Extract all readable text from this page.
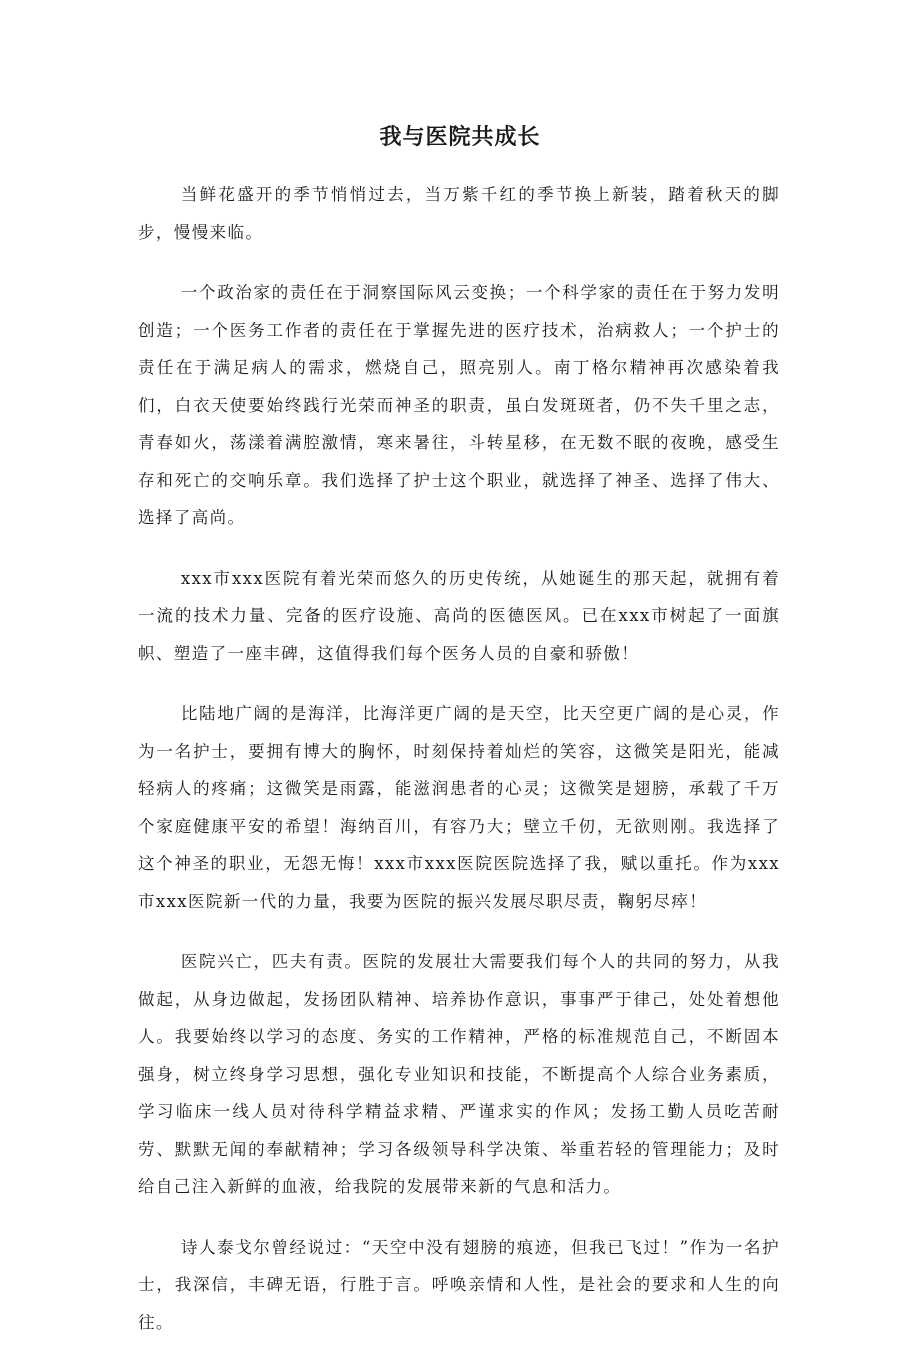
我与医院共成长

当鲜花盛开的季节悄悄过去，当万紫千红的季节换上新装，踏着秋天的脚步，慢慢来临。

一个政治家的责任在于洞察国际风云变换；一个科学家的责任在于努力发明创造；一个医务工作者的责任在于掌握先进的医疗技术，治病救人；一个护士的责任在于满足病人的需求，燃烧自己，照亮别人。南丁格尔精神再次感染着我们，白衣天使要始终践行光荣而神圣的职责，虽白发斑斑者，仍不失千里之志，青春如火，荡漾着满腔激情，寒来暑往，斗转星移，在无数不眠的夜晚，感受生存和死亡的交响乐章。我们选择了护士这个职业，就选择了神圣、选择了伟大、选择了高尚。

xxx市xxx医院有着光荣而悠久的历史传统，从她诞生的那天起，就拥有着一流的技术力量、完备的医疗设施、高尚的医德医风。已在xxx市树起了一面旗帜、塑造了一座丰碑，这值得我们每个医务人员的自豪和骄傲！

比陆地广阔的是海洋，比海洋更广阔的是天空，比天空更广阔的是心灵，作为一名护士，要拥有博大的胸怀，时刻保持着灿烂的笑容，这微笑是阳光，能减轻病人的疼痛；这微笑是雨露，能滋润患者的心灵；这微笑是翅膀，承载了千万个家庭健康平安的希望！海纳百川，有容乃大；壁立千仞，无欲则刚。我选择了这个神圣的职业，无怨无悔！xxx市xxx医院医院选择了我，赋以重托。作为xxx市xxx医院新一代的力量，我要为医院的振兴发展尽职尽责，鞠躬尽瘁！

医院兴亡，匹夫有责。医院的发展壮大需要我们每个人的共同的努力，从我做起，从身边做起，发扬团队精神、培养协作意识，事事严于律己，处处着想他人。我要始终以学习的态度、务实的工作精神，严格的标准规范自己，不断固本强身，树立终身学习思想，强化专业知识和技能，不断提高个人综合业务素质，学习临床一线人员对待科学精益求精、严谨求实的作风；发扬工勤人员吃苦耐劳、默默无闻的奉献精神；学习各级领导科学决策、举重若轻的管理能力；及时给自己注入新鲜的血液，给我院的发展带来新的气息和活力。

诗人泰戈尔曾经说过：“天空中没有翅膀的痕迹，但我已飞过！”作为一名护士，我深信，丰碑无语，行胜于言。呼唤亲情和人性，是社会的要求和人生的向往。
